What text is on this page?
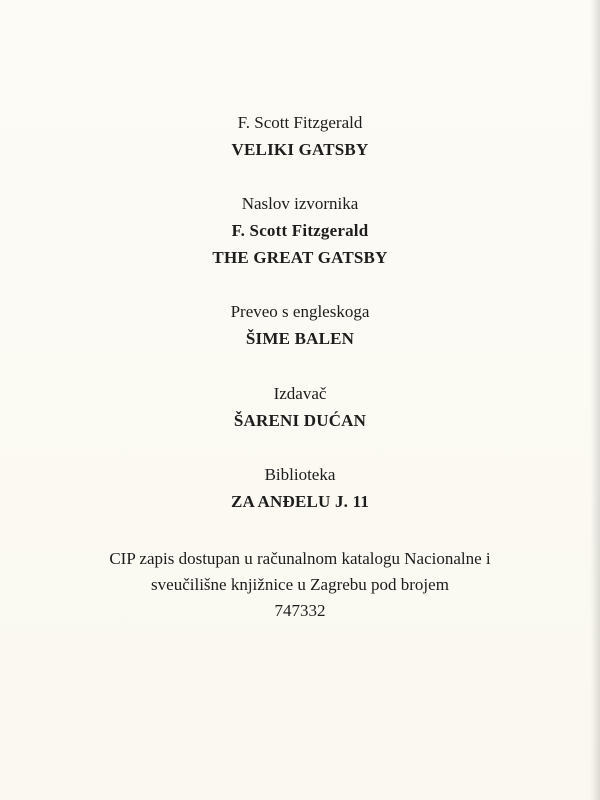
F. Scott Fitzgerald
VELIKI GATSBY
Naslov izvornika
F. Scott Fitzgerald
THE GREAT GATSBY
Preveo s engleskoga
ŠIME BALEN
Izdavač
ŠARENI DUĆAN
Biblioteka
ZA ANĐELU J. 11
CIP zapis dostupan u računalnom katalogu Nacionalne i
sveučilišne knjižnice u Zagrebu pod brojem
747332
